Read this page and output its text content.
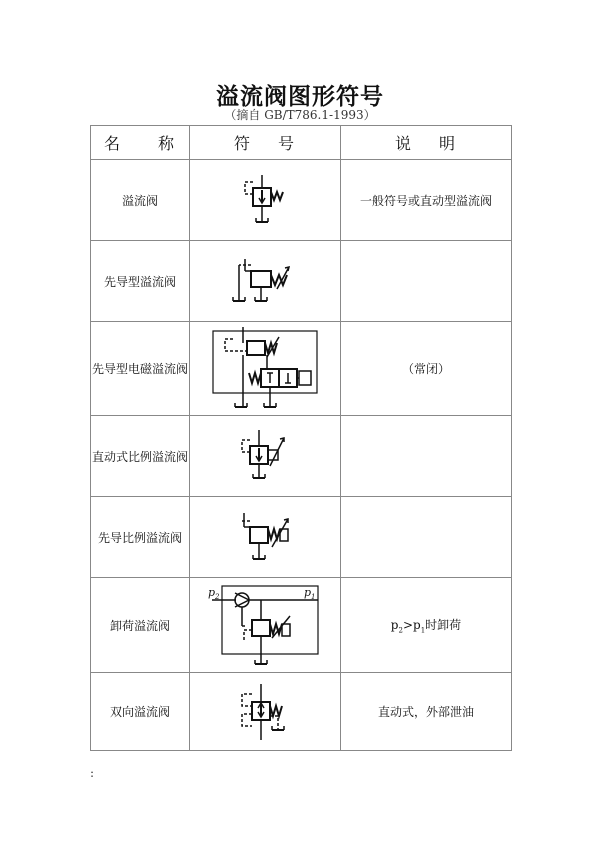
溢流阀图形符号
（摘自 GB/T786.1-1993）
名 称	符 号	说 明

溢流阀		一般符号或直动型溢流阀
先导型溢流阀	

先导型电磁溢流阀		（常闭）
直动式比例溢流阀	

先导比例溢流阀	

卸荷溢流阀	$p_2$ $p_1$	$p_2>p_1$时卸荷
双向溢流阀		直动式，外部泄油
:
